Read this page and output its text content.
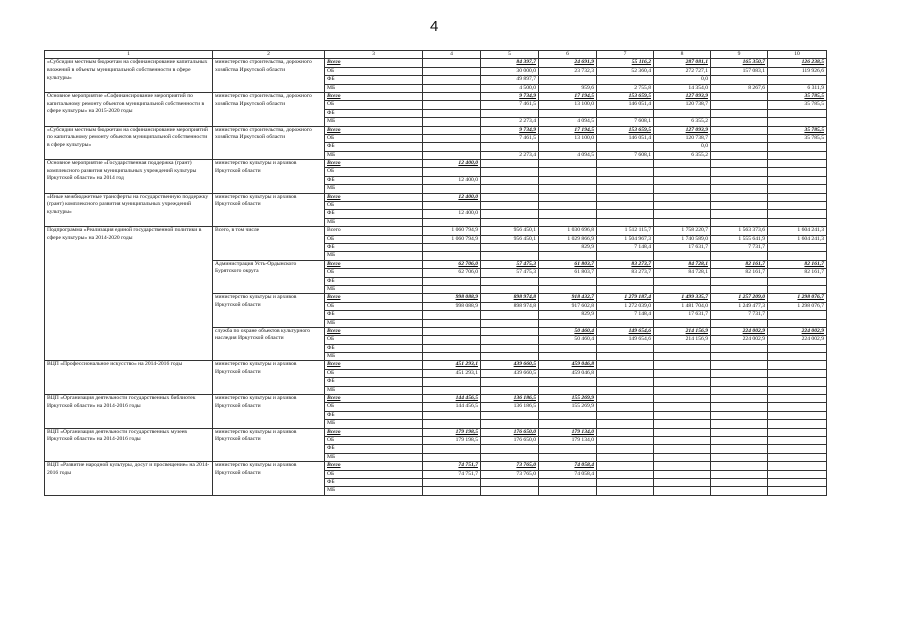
4
1	2	3	4	5	6	7	8	9	10
«Субсидии местным бюджетам на софинансирование капитальных вложений в объекты муниципальной собственности в сфере культуры»	министерство строительства, дорожного хозяйства Иркутской области	Всего		84 397,7	24 691,9	55 116,2	287 081,1	165 350,7	126 238,5
		ОБ		30 000,0	23 732,3	52 360,4	272 727,1	157 083,1	119 926,6
		ФБ		49 897,7			0,0		
		МБ		4 500,0	959,6	2 755,8	14 354,0	8 267,6	6 311,9
Основное мероприятие «Софинансирование мероприятий по капитальному ремонту объектов муниципальной собственности в сфере культуры» на 2015-2020 годы	министерство строительства, дорожного хозяйства Иркутской области	Всего		9 734,9	17 194,5	153 659,5	127 093,9		35 785,5
		ОБ		7 461,5	13 100,0	146 051,4	120 738,7		35 785,5
		ФБ							
		МБ		2 273,4	4 094,5	7 608,1	6 355,2		
«Субсидии местным бюджетам на софинансирование мероприятий по капитальному ремонту объектов муниципальной собственности в сфере культуры»	министерство строительства, дорожного хозяйства Иркутской области	Всего		9 734,9	17 194,5	153 659,5	127 093,9		35 785,5
		ОБ		7 461,5	13 100,0	146 051,4	120 738,7		35 785,5
		ФБ					0,0		
		МБ		2 273,4	4 094,5	7 608,1	6 355,2		
Основное мероприятие «Государственная поддержка (грант) комплексного развития муниципальных учреждений культуры Иркутской области» на 2014 год	министерство культуры и архивов Иркутской области	Всего	12 400,0						
		ОБ							
		ФБ	12 400,0						
		МБ							
«Иные межбюджетные трансферты на государственную поддержку (грант) комплексного развития муниципальных учреждений культуры»	министерство культуры и архивов Иркутской области	Всего	12 400,0						
		ОБ							
		ФБ	12 400,0						
		МБ							
Подпрограмма «Реализация единой государственной политики в сфере культуры» на 2014-2020 годы	Всего, в том числе	Всего	1 060 794,9	956 450,1	1 030 696,8	1 512 115,7	1 758 220,7	1 563 373,6	1 604 241,3
		ОБ	1 060 794,9	956 450,1	1 029 866,9	1 504 967,3	1 740 589,0	1 555 641,9	1 604 241,3
		ФБ			829,9	7 148,4	17 631,7	7 731,7	
		МБ							
	Администрация Усть-Ордынского Бурятского округа	Всего	62 706,0	57 475,3	61 803,7	83 273,7	84 728,1	82 161,7	82 161,7
		ОБ	62 706,0	57 475,3	61 803,7	83 273,7	84 728,1	82 161,7	82 161,7
		ФБ							
		МБ							
	министерство культуры и архивов Иркутской области	Всего	998 088,9	898 974,8	918 432,7	1 279 187,4	1 499 335,7	1 257 209,0	1 298 076,7
		ОБ	998 088,9	898 974,8	917 602,8	1 272 039,0	1 481 704,0	1 249 477,3	1 298 076,7
		ФБ			829,9	7 148,4	17 631,7	7 731,7	
		МБ							
	служба по охране объектов культурного наследия Иркутской области	Всего			50 460,4	149 654,6	214 156,9	224 002,9	224 002,9
		ОБ			50 460,4	149 654,6	214 156,9	224 002,9	224 002,9
		ФБ							
		МБ							
ВЦП «Профессиональное искусство» на 2014-2016 годы	министерство культуры и архивов Иркутской области	Всего	451 293,1	439 660,5	459 046,8				
		ОБ	451 293,1	439 660,5	459 046,8				
		ФБ							
		МБ							
ВЦП «Организация деятельности государственных библиотек Иркутской области» на 2014-2016 годы	министерство культуры и архивов Иркутской области	Всего	144 456,5	136 186,5	155 269,9				
		ОБ	144 456,5	136 186,5	155 269,9				
		ФБ							
		МБ							
ВЦП «Организация деятельности государственных музеев Иркутской области» на 2014-2016 годы	министерство культуры и архивов Иркутской области	Всего	179 198,5	176 650,0	179 134,0				
		ОБ	179 198,5	176 650,0	179 134,0				
		ФБ							
		МБ							
ВЦП «Развитие народной культуры, досуг и просвещение» на 2014-2016 годы	министерство культуры и архивов Иркутской области	Всего	74 751,7	73 765,0	74 058,4				
		ОБ	74 751,7	73 765,0	74 058,4				
		ФБ							
		МБ							
